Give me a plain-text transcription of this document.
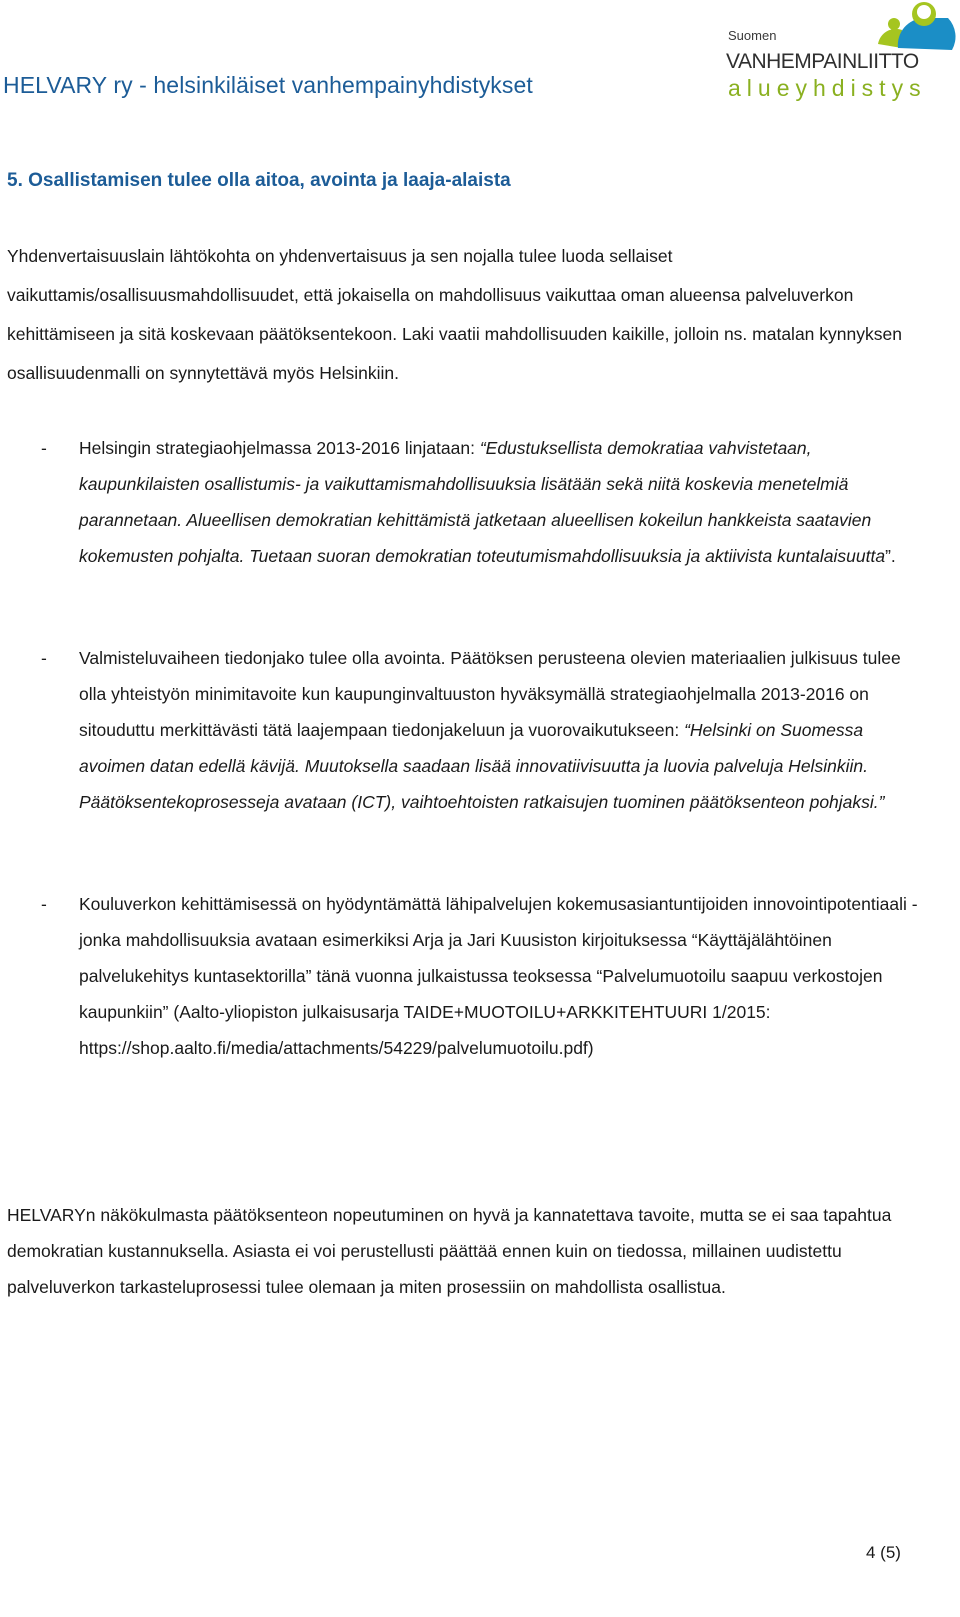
HELVARY ry - helsinkiläiset vanhempainyhdistykset
Suomen
VANHEMPAINLIITTO
alueyhdistys
5. Osallistamisen tulee olla aitoa, avointa ja laaja-alaista

Yhdenvertaisuuslain lähtökohta on yhdenvertaisuus ja sen nojalla tulee luoda sellaiset vaikuttamis/osallisuusmahdollisuudet, että jokaisella on mahdollisuus vaikuttaa oman alueensa palveluverkon kehittämiseen ja sitä koskevaan päätöksentekoon. Laki vaatii mahdollisuuden kaikille, jolloin ns. matalan kynnyksen osallisuudenmalli on synnytettävä myös Helsinkiin.

- Helsingin strategiaohjelmassa 2013-2016 linjataan: “Edustuksellista demokratiaa vahvistetaan, kaupunkilaisten osallistumis- ja vaikuttamismahdollisuuksia lisätään sekä niitä koskevia menetelmiä parannetaan. Alueellisen demokratian kehittämistä jatketaan alueellisen kokeilun hankkeista saatavien kokemusten pohjalta. Tuetaan suoran demokratian toteutumismahdollisuuksia ja aktiivista kuntalaisuutta”.
- Valmisteluvaiheen tiedonjako tulee olla avointa. Päätöksen perusteena olevien materiaalien julkisuus tulee olla yhteistyön minimitavoite kun kaupunginvaltuuston hyväksymällä strategiaohjelmalla 2013-2016 on sitouduttu merkittävästi tätä laajempaan tiedonjakeluun ja vuorovaikutukseen: “Helsinki on Suomessa avoimen datan edellä kävijä. Muutoksella saadaan lisää innovatiivisuutta ja luovia palveluja Helsinkiin. Päätöksentekoprosesseja avataan (ICT), vaihtoehtoisten ratkaisujen tuominen päätöksenteon pohjaksi.”
- Kouluverkon kehittämisessä on hyödyntämättä lähipalvelujen kokemusasiantuntijoiden innovointipotentiaali - jonka mahdollisuuksia avataan esimerkiksi Arja ja Jari Kuusiston kirjoituksessa “Käyttäjälähtöinen palvelukehitys kuntasektorilla” tänä vuonna julkaistussa teoksessa “Palvelumuotoilu saapuu verkostojen kaupunkiin” (Aalto-yliopiston julkaisusarja TAIDE+MUOTOILU+ARKKITEHTUURI 1/2015: https://shop.aalto.fi/media/attachments/54229/palvelumuotoilu.pdf)

HELVARYn näkökulmasta päätöksenteon nopeutuminen on hyvä ja kannatettava tavoite, mutta se ei saa tapahtua demokratian kustannuksella. Asiasta ei voi perustellusti päättää ennen kuin on tiedossa, millainen uudistettu palveluverkon tarkasteluprosessi tulee olemaan ja miten prosessiin on mahdollista osallistua.

4 (5)
